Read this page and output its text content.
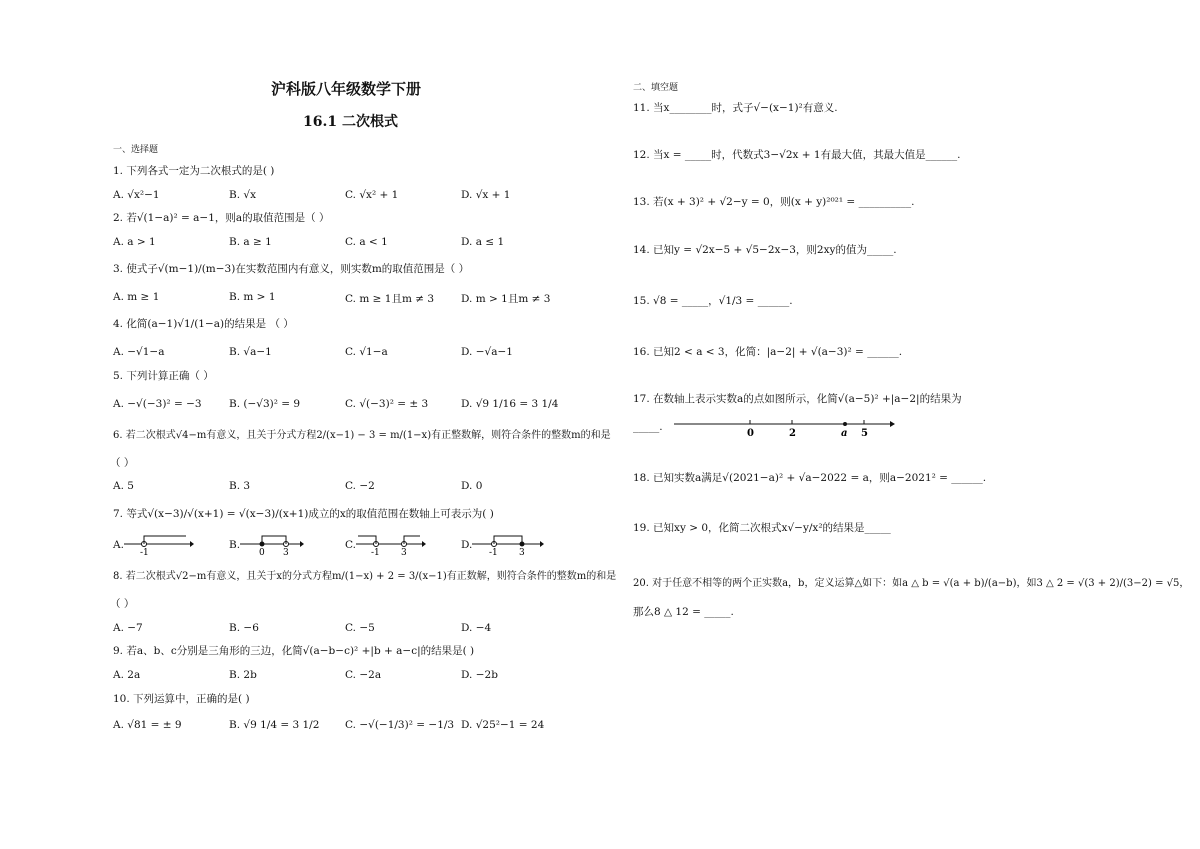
沪科版八年级数学下册
16.1 二次根式
一、选择题
1. 下列各式一定为二次根式的是( )
A. √x²−1	B. √x	C. √x² + 1	D. √x + 1
2. 若√(1−a)² = a−1，则a的取值范围是（ ）
A. a > 1	B. a ≥ 1	C. a < 1	D. a ≤ 1
3. 使式子√(m−1)/(m−3)在实数范围内有意义，则实数m的取值范围是（ ）
A. m ≥ 1	B. m > 1	C. m ≥ 1且m ≠ 3	D. m > 1且m ≠ 3
4. 化简(a−1)√1/(1−a)的结果是 （ ）
A. −√1−a	B. √a−1	C. √1−a	D. −√a−1
5. 下列计算正确（ ）
A. −√(−3)² = −3	B. (−√3)² = 9	C. √(−3)² = ± 3	D. √9 1/16 = 3 1/4
6. 若二次根式√4−m有意义，且关于分式方程2/(x−1) − 3 = m/(1−x)有正整数解，则符合条件的整数m的和是
（ ）
A. 5	B. 3	C. −2	D. 0
7. 等式√(x−3)/√(x+1) = √(x−3)/(x+1)成立的x的取值范围在数轴上可表示为( )
A.	B.	C.	D.
-1	0 3	-1 3	-1 3
8. 若二次根式√2−m有意义，且关于x的分式方程m/(1−x) + 2 = 3/(x−1)有正数解，则符合条件的整数m的和是
（ ）
A. −7	B. −6	C. −5	D. −4
9. 若a、b、c分别是三角形的三边，化简√(a−b−c)² +|b + a−c|的结果是( )
A. 2a	B. 2b	C. −2a	D. −2b
10. 下列运算中，正确的是( )
A. √81 = ± 9	B. √9 1/4 = 3 1/2 C. −√(−1/3)² = −1/3 D. √25²−1 = 24
二、填空题
11. 当x________时，式子√−(x−1)²有意义.
12. 当x = _____时，代数式3−√2x + 1有最大值，其最大值是______.
13. 若(x + 3)² + √2−y = 0，则(x + y)²⁰²¹ = __________.
14. 已知y = √2x−5 + √5−2x−3，则2xy的值为_____.
15. √8 = _____，√1/3 = ______.
16. 已知2 < a < 3，化简：|a−2| + √(a−3)² = ______.
17. 在数轴上表示实数a的点如图所示，化简√(a−5)² +|a−2|的结果为
_____.
0	2	a 5
18. 已知实数a满足√(2021−a)² + √a−2022 = a，则a−2021² = ______.
19. 已知xy > 0，化简二次根式x√−y/x²的结果是_____
20. 对于任意不相等的两个正实数a，b，定义运算△如下：如a △ b = √(a + b)/(a−b)，如3 △ 2 = √(3 + 2)/(3−2) = √5，
那么8 △ 12 = _____.
